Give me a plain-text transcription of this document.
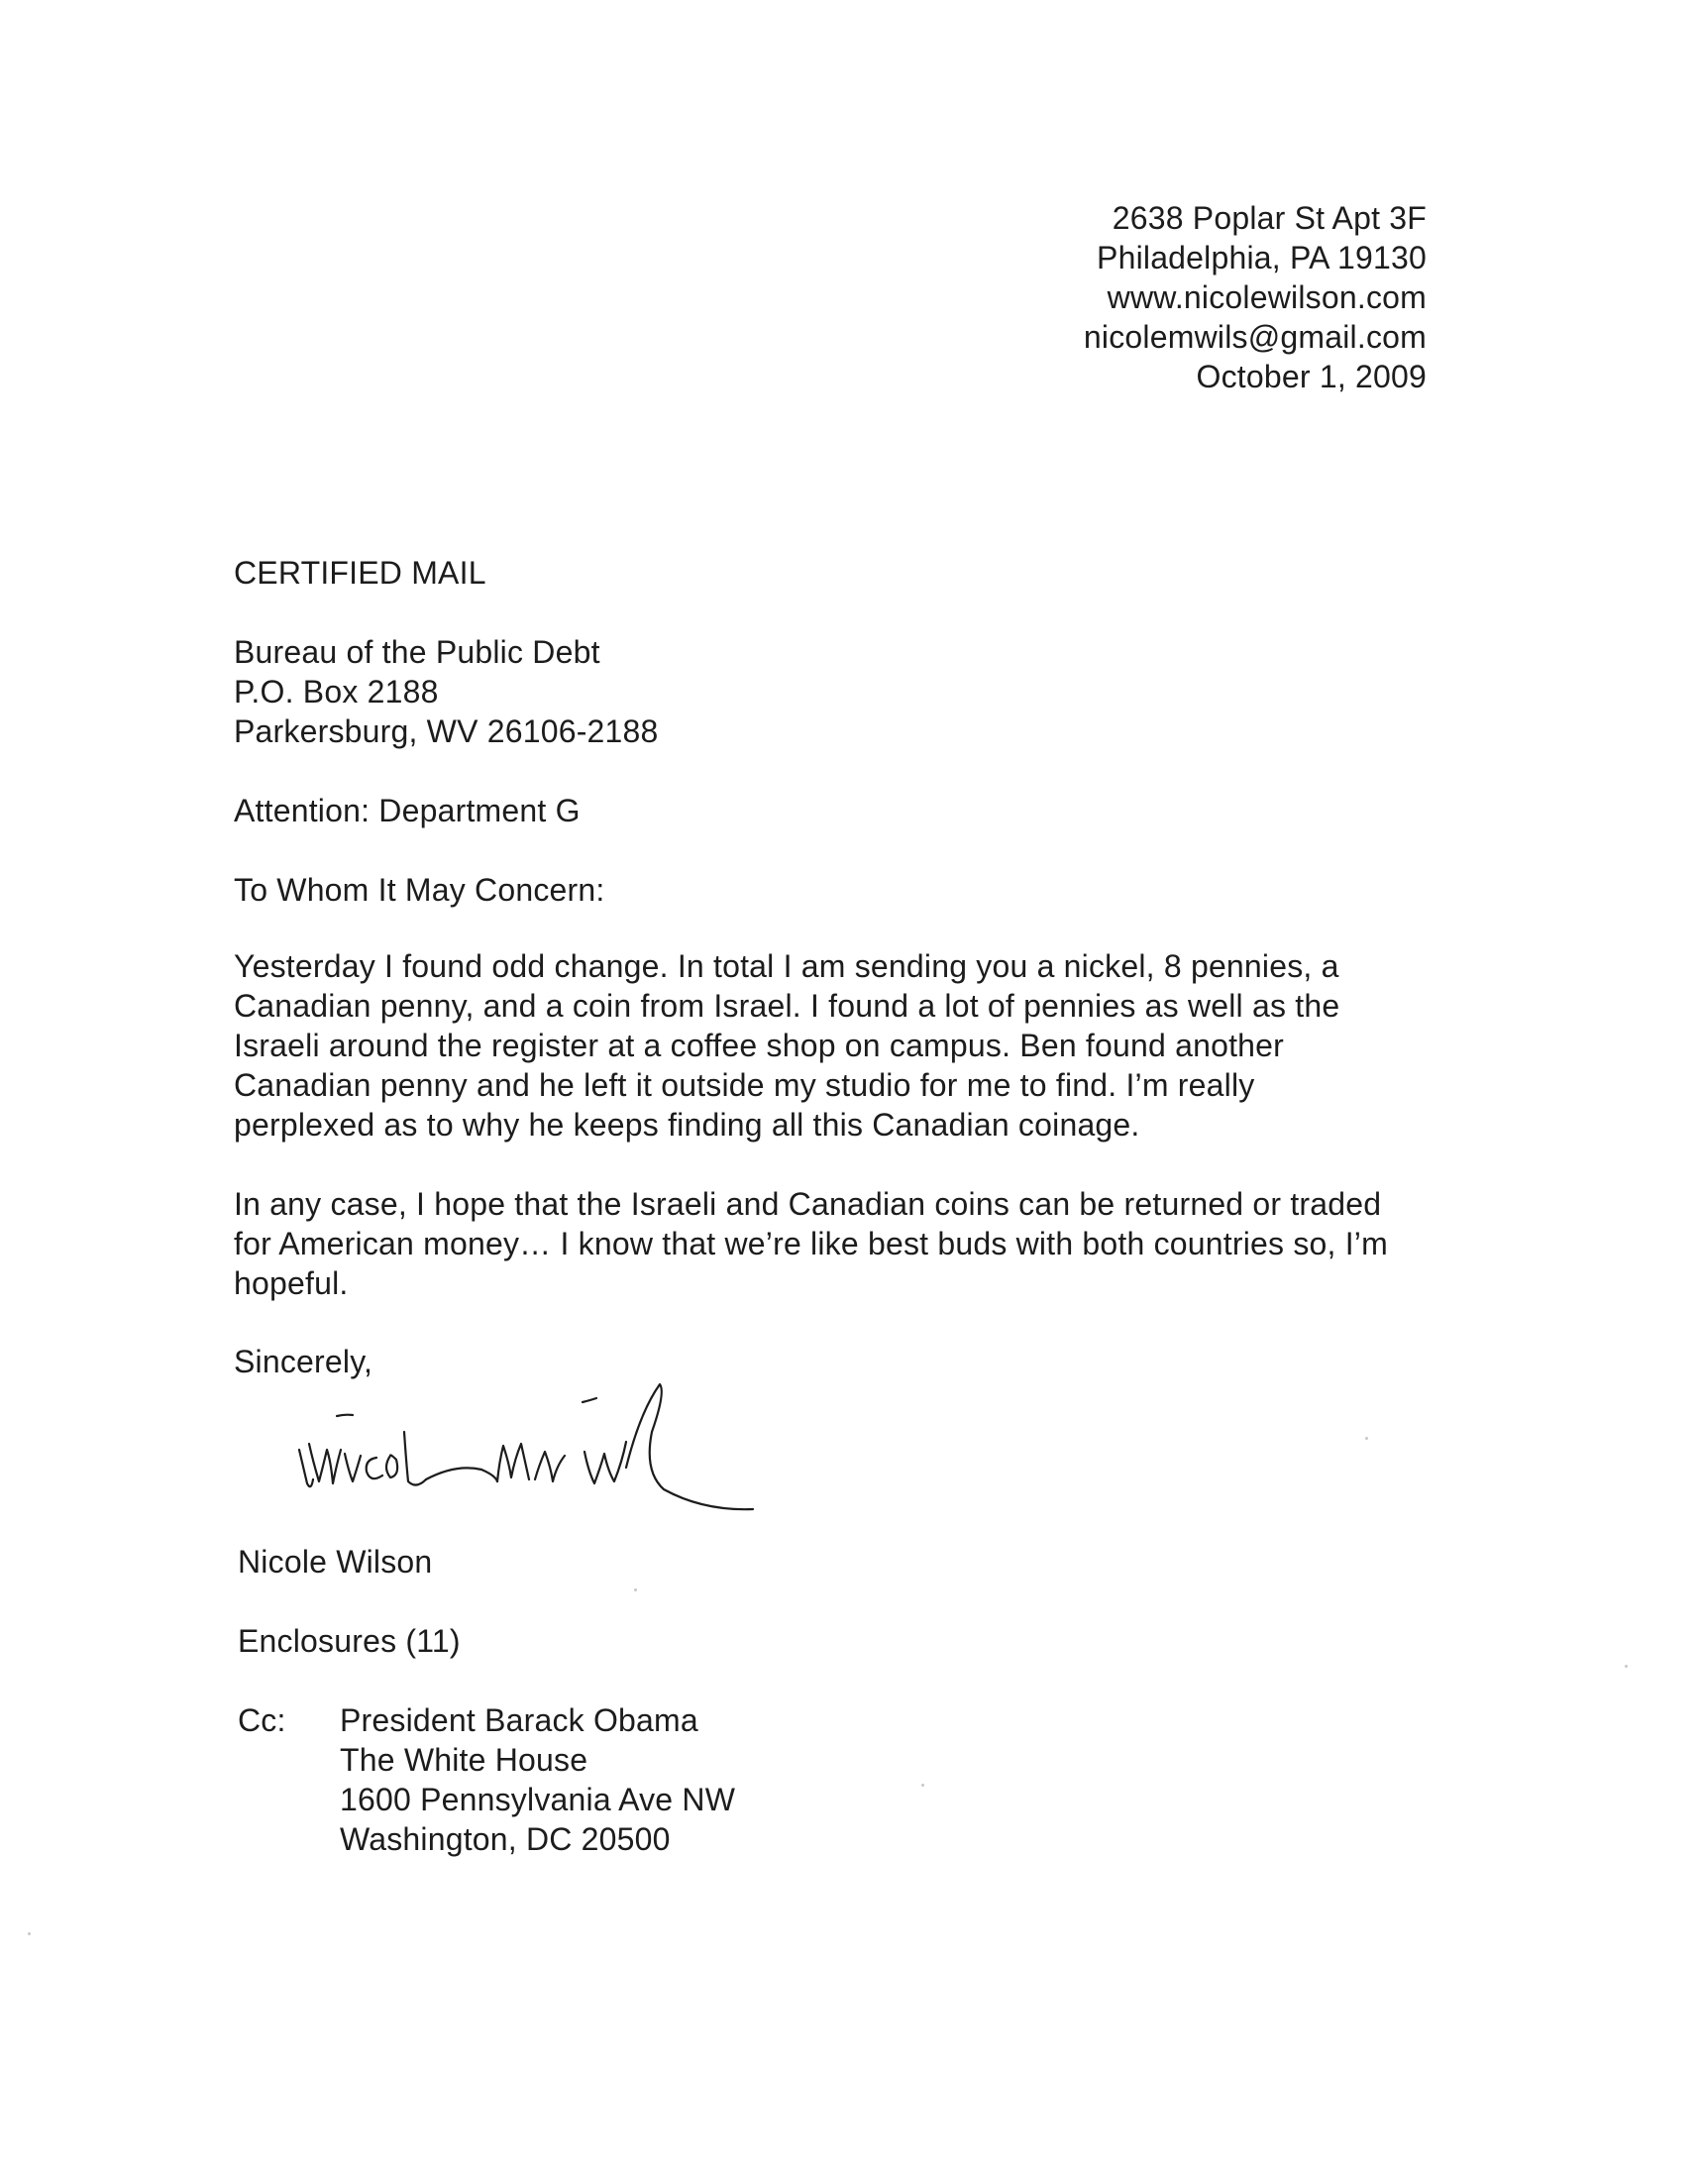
2638 Poplar St Apt 3F
Philadelphia, PA 19130
www.nicolewilson.com
nicolemwils@gmail.com
October 1, 2009
CERTIFIED MAIL
Bureau of the Public Debt
P.O. Box 2188
Parkersburg, WV 26106-2188
Attention: Department G
To Whom It May Concern:
Yesterday I found odd change. In total I am sending you a nickel, 8 pennies, a
Canadian penny, and a coin from Israel. I found a lot of pennies as well as the
Israeli around the register at a coffee shop on campus. Ben found another
Canadian penny and he left it outside my studio for me to find. I’m really
perplexed as to why he keeps finding all this Canadian coinage.
In any case, I hope that the Israeli and Canadian coins can be returned or traded
for American money… I know that we’re like best buds with both countries so, I’m
hopeful.
Sincerely,
Nicole Wilson
Enclosures (11)
Cc: President Barack Obama
The White House
1600 Pennsylvania Ave NW
Washington, DC 20500
